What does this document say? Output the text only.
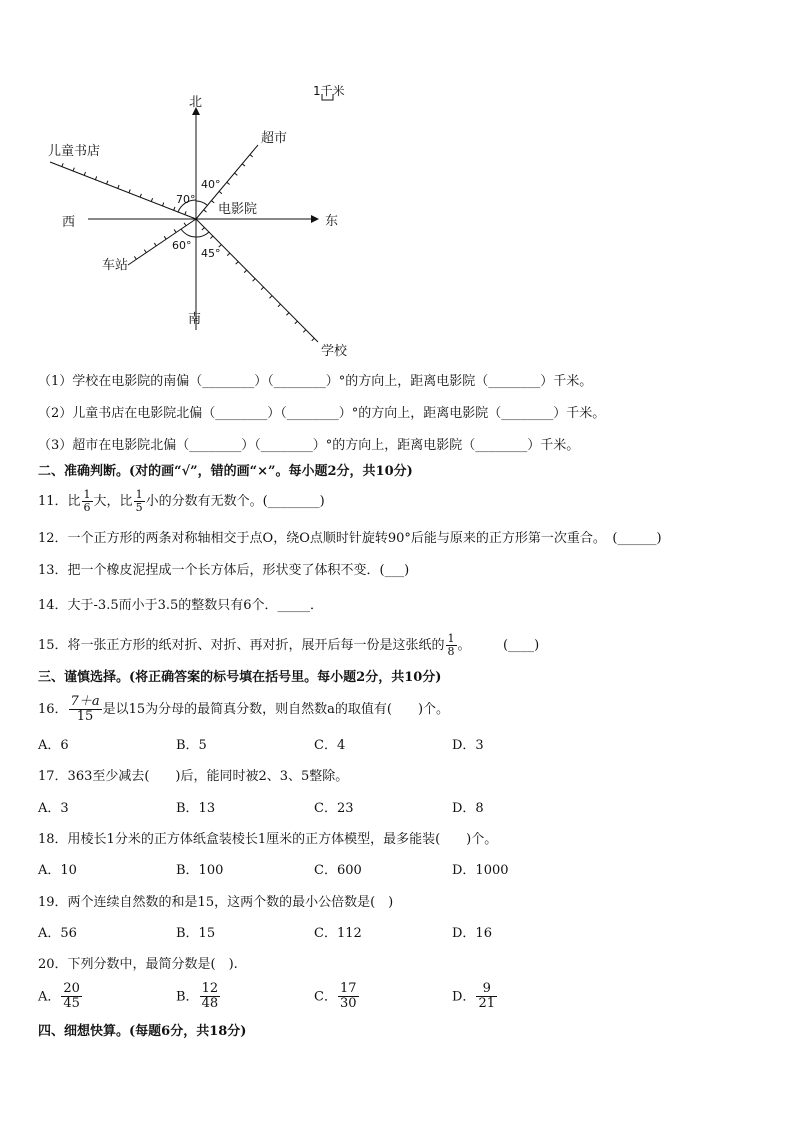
1千米
北
南
东
西
电影院
儿童书店
超市
车站
学校
40°
70°
60°
45°
（1）学校在电影院的南偏（________）（________）°的方向上，距离电影院（________）千米。
（2）儿童书店在电影院北偏（________）（________）°的方向上，距离电影院（________）千米。
（3）超市在电影院北偏（________）（________）°的方向上，距离电影院（________）千米。
二、准确判断。(对的画“√”，错的画“×”。每小题2分，共10分)
11．比 $\frac{1}{6}$ 大，比 $\frac{1}{5}$ 小的分数有无数个。(________)
12．一个正方形的两条对称轴相交于点O，绕O点顺时针旋转90°后能与原来的正方形第一次重合。　(______)
13．把一个橡皮泥捏成一个长方体后，形状变了体积不变．(___)
14．大于-3.5而小于3.5的整数只有6个．_____．
15．将一张正方形的纸对折、对折、再对折，展开后每一份是这张纸的 $\frac{1}{8}$ 。　　　(____)
三、谨慎选择。(将正确答案的标号填在括号里。每小题2分，共10分)
16． $\frac{7+a}{15}$ 是以15为分母的最简真分数，则自然数a的取值有(　　)个。
A．6	B．5	C．4	D．3
17．363至少减去(　　)后，能同时被2、3、5整除。
A．3	B．13	C．23	D．8
18．用棱长1分米的正方体纸盒装棱长1厘米的正方体模型，最多能装(　　)个。
A．10	B．100	C．600	D．1000
19．两个连续自然数的和是15，这两个数的最小公倍数是(　)
A．56	B．15	C．112	D．16
20．下列分数中，最简分数是(　).
A． $\frac{20}{45}$	B． $\frac{12}{48}$	C． $\frac{17}{30}$	D． $\frac{9}{21}$
四、细想快算。(每题6分，共18分)
